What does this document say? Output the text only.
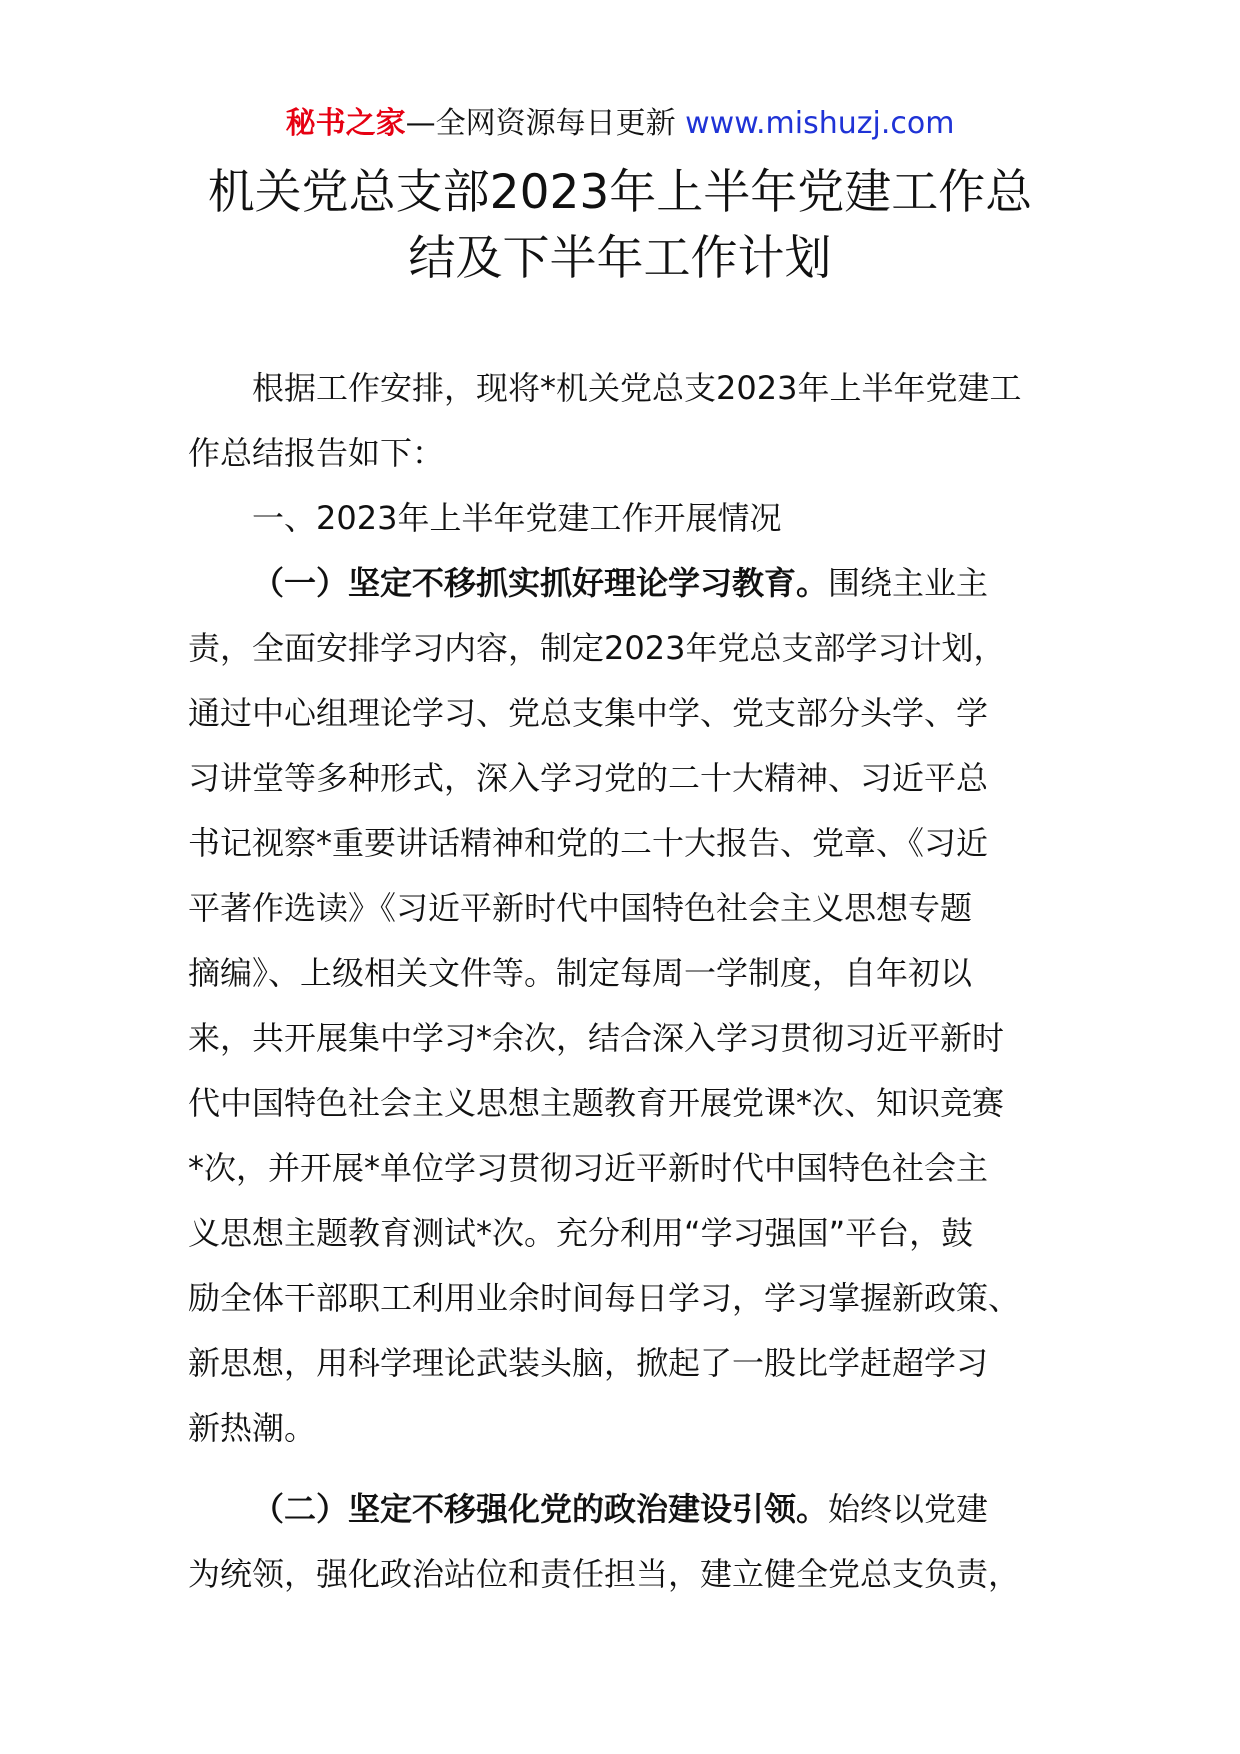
秘书之家—全网资源每日更新 www.mishuzj.com
机关党总支部2023年上半年党建工作总
结及下半年工作计划
根据工作安排，现将*机关党总支2023年上半年党建工
作总结报告如下：
一、2023年上半年党建工作开展情况
（一）坚定不移抓实抓好理论学习教育。围绕主业主
责，全面安排学习内容，制定2023年党总支部学习计划，
通过中心组理论学习、党总支集中学、党支部分头学、学
习讲堂等多种形式，深入学习党的二十大精神、习近平总
书记视察*重要讲话精神和党的二十大报告、党章、《习近
平著作选读》《习近平新时代中国特色社会主义思想专题
摘编》、上级相关文件等。制定每周一学制度，自年初以
来，共开展集中学习*余次，结合深入学习贯彻习近平新时
代中国特色社会主义思想主题教育开展党课*次、知识竞赛
*次，并开展*单位学习贯彻习近平新时代中国特色社会主
义思想主题教育测试*次。充分利用“学习强国”平台，鼓
励全体干部职工利用业余时间每日学习，学习掌握新政策、
新思想，用科学理论武装头脑，掀起了一股比学赶超学习
新热潮。
（二）坚定不移强化党的政治建设引领。始终以党建
为统领，强化政治站位和责任担当，建立健全党总支负责，
